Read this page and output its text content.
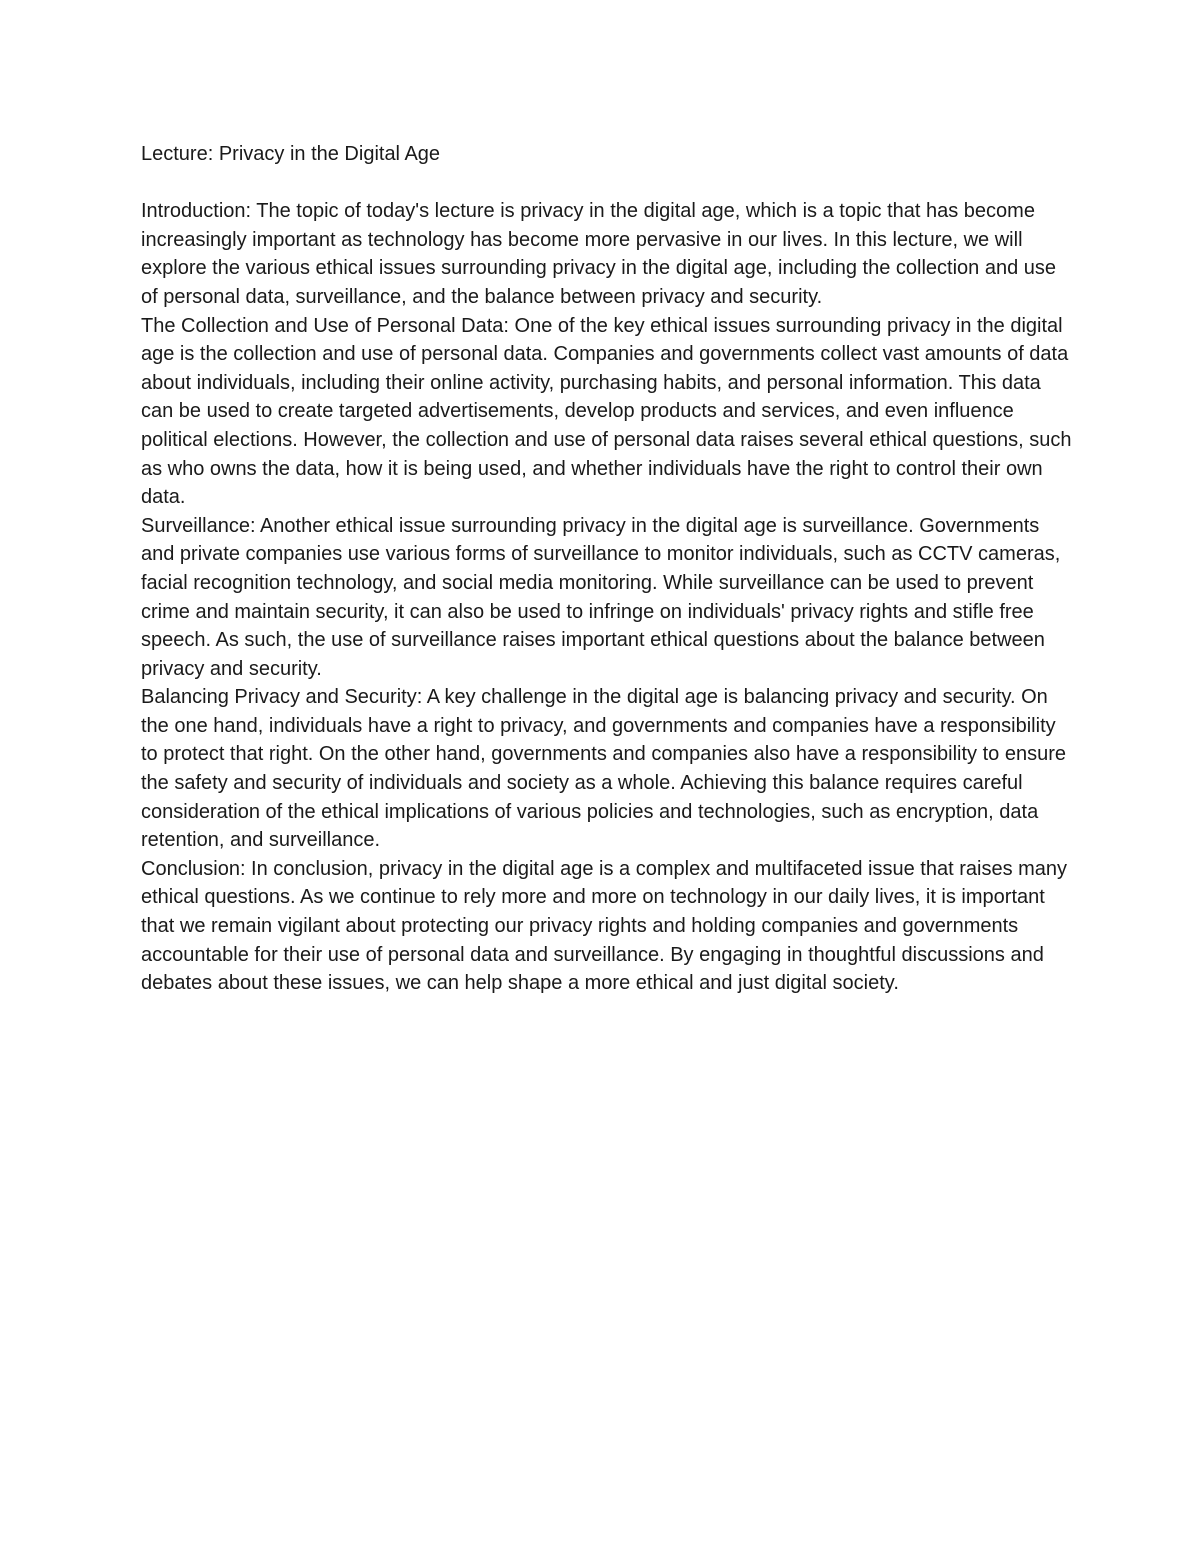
Lecture: Privacy in the Digital Age

Introduction: The topic of today's lecture is privacy in the digital age, which is a topic that has become increasingly important as technology has become more pervasive in our lives. In this lecture, we will explore the various ethical issues surrounding privacy in the digital age, including the collection and use of personal data, surveillance, and the balance between privacy and security.

The Collection and Use of Personal Data: One of the key ethical issues surrounding privacy in the digital age is the collection and use of personal data. Companies and governments collect vast amounts of data about individuals, including their online activity, purchasing habits, and personal information. This data can be used to create targeted advertisements, develop products and services, and even influence political elections. However, the collection and use of personal data raises several ethical questions, such as who owns the data, how it is being used, and whether individuals have the right to control their own data.

Surveillance: Another ethical issue surrounding privacy in the digital age is surveillance. Governments and private companies use various forms of surveillance to monitor individuals, such as CCTV cameras, facial recognition technology, and social media monitoring. While surveillance can be used to prevent crime and maintain security, it can also be used to infringe on individuals' privacy rights and stifle free speech. As such, the use of surveillance raises important ethical questions about the balance between privacy and security.

Balancing Privacy and Security: A key challenge in the digital age is balancing privacy and security. On the one hand, individuals have a right to privacy, and governments and companies have a responsibility to protect that right. On the other hand, governments and companies also have a responsibility to ensure the safety and security of individuals and society as a whole. Achieving this balance requires careful consideration of the ethical implications of various policies and technologies, such as encryption, data retention, and surveillance.

Conclusion: In conclusion, privacy in the digital age is a complex and multifaceted issue that raises many ethical questions. As we continue to rely more and more on technology in our daily lives, it is important that we remain vigilant about protecting our privacy rights and holding companies and governments accountable for their use of personal data and surveillance. By engaging in thoughtful discussions and debates about these issues, we can help shape a more ethical and just digital society.
